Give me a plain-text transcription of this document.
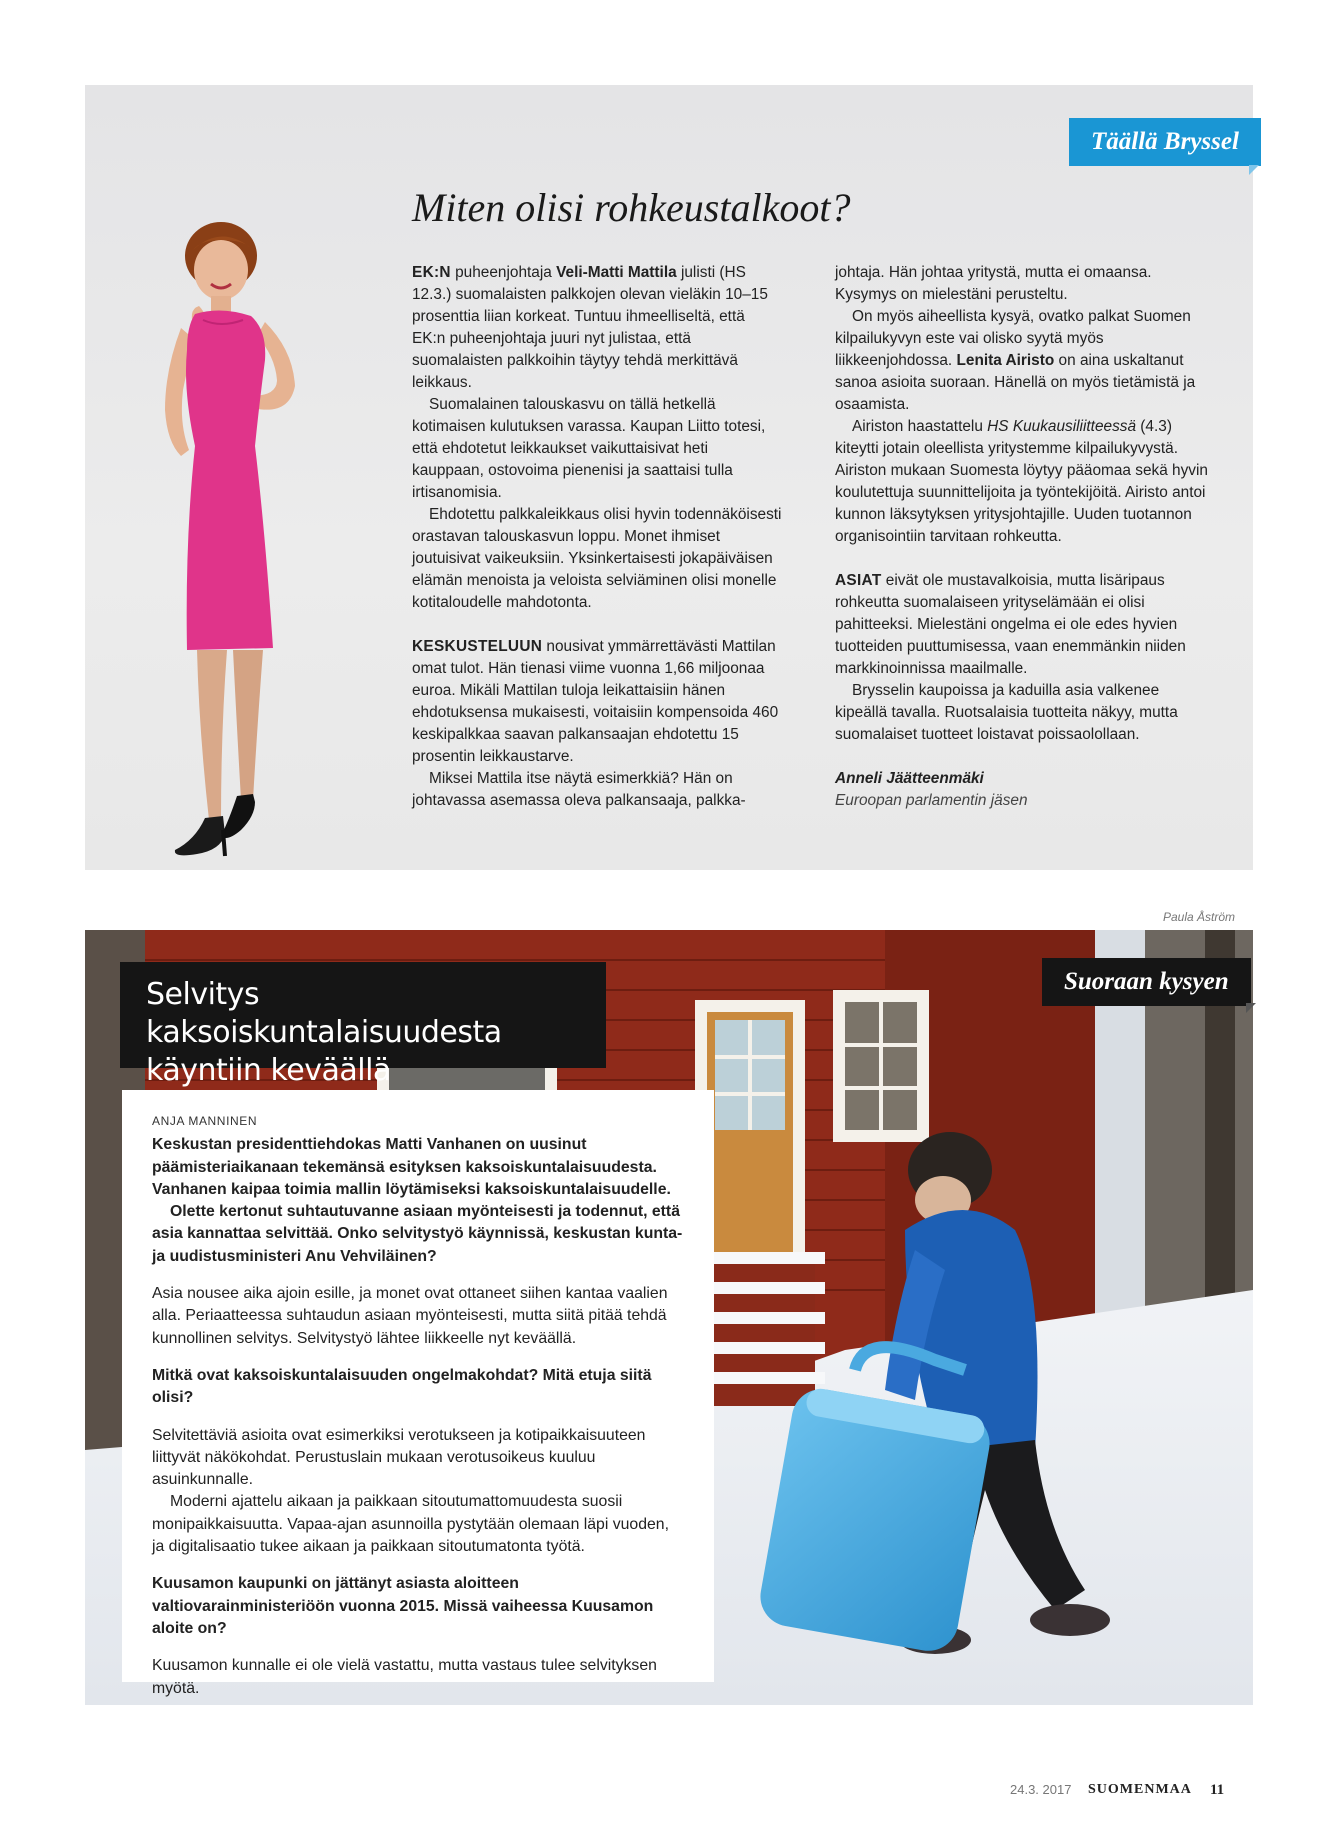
Täällä Bryssel
Miten olisi rohkeustalkoot?

EK:N puheenjohtaja Veli-Matti Mattila julisti (HS 12.3.) suomalaisten palkkojen olevan vieläkin 10–15 prosenttia liian korkeat. Tuntuu ihmeelliseltä, että EK:n puheenjohtaja juuri nyt julistaa, että suomalaisten palkkoihin täytyy tehdä merkittävä leikkaus.

Suomalainen talouskasvu on tällä hetkellä kotimaisen kulutuksen varassa. Kaupan Liitto totesi, että ehdotetut leikkaukset vaikuttaisivat heti kauppaan, ostovoima pienenisi ja saattaisi tulla irtisanomisia.

Ehdotettu palkkaleikkaus olisi hyvin todennäköisesti orastavan talouskasvun loppu. Monet ihmiset joutuisivat vaikeuksiin. Yksinkertaisesti jokapäiväisen elämän menoista ja veloista selviäminen olisi monelle kotitaloudelle mahdotonta.

KESKUSTELUUN nousivat ymmärrettävästi Mattilan omat tulot. Hän tienasi viime vuonna 1,66 miljoonaa euroa. Mikäli Mattilan tuloja leikattaisiin hänen ehdotuksensa mukaisesti, voitaisiin kompensoida 460 keskipalkkaa saavan palkansaajan ehdotettu 15 prosentin leikkaustarve.

Miksei Mattila itse näytä esimerkkiä? Hän on johtavassa asemassa oleva palkansaaja, palkka-

johtaja. Hän johtaa yritystä, mutta ei omaansa. Kysymys on mielestäni perusteltu.

On myös aiheellista kysyä, ovatko palkat Suomen kilpailukyvyn este vai olisko syytä myös liikkeenjohdossa. Lenita Airisto on aina uskaltanut sanoa asioita suoraan. Hänellä on myös tietämistä ja osaamista.

Airiston haastattelu HS Kuukausiliitteessä (4.3) kiteytti jotain oleellista yritystemme kilpailukyvystä. Airiston mukaan Suomesta löytyy pääomaa sekä hyvin koulutettuja suunnittelijoita ja työntekijöitä. Airisto antoi kunnon läksytyksen yritysjohtajille. Uuden tuotannon organisointiin tarvitaan rohkeutta.

ASIAT eivät ole mustavalkoisia, mutta lisäripaus rohkeutta suomalaiseen yrityselämään ei olisi pahitteeksi. Mielestäni ongelma ei ole edes hyvien tuotteiden puuttumisessa, vaan enemmänkin niiden markkinoinnissa maailmalle.

Brysselin kaupoissa ja kaduilla asia valkenee kipeällä tavalla. Ruotsalaisia tuotteita näkyy, mutta suomalaiset tuotteet loistavat poissaolollaan.

Anneli Jäätteenmäki

Euroopan parlamentin jäsen

Paula Åström
Suoraan kysyen
Selvitys kaksoiskuntalaisuudesta
käyntiin keväällä

ANJA MANNINEN

Keskustan presidenttiehdokas Matti Vanhanen on uusinut päämisteriaikanaan tekemänsä esityksen kaksoiskuntalaisuudesta. Vanhanen kaipaa toimia mallin löytämiseksi kaksoiskuntalaisuudelle.

Olette kertonut suhtautuvanne asiaan myönteisesti ja todennut, että asia kannattaa selvittää. Onko selvitystyö käynnissä, keskustan kunta- ja uudistusministeri Anu Vehviläinen?

Asia nousee aika ajoin esille, ja monet ovat ottaneet siihen kantaa vaalien alla. Periaatteessa suhtaudun asiaan myönteisesti, mutta siitä pitää tehdä kunnollinen selvitys. Selvitystyö lähtee liikkeelle nyt keväällä.

Mitkä ovat kaksoiskuntalaisuuden ongelmakohdat? Mitä etuja siitä olisi?

Selvitettäviä asioita ovat esimerkiksi verotukseen ja kotipaikkaisuuteen liittyvät näkökohdat. Perustuslain mukaan verotusoikeus kuuluu asuinkunnalle.

Moderni ajattelu aikaan ja paikkaan sitoutumattomuudesta suosii monipaikkaisuutta. Vapaa-ajan asunnoilla pystytään olemaan läpi vuoden, ja digitalisaatio tukee aikaan ja paikkaan sitoutumatonta työtä.

Kuusamon kaupunki on jättänyt asiasta aloitteen valtiovarainministeriöön vuonna 2015. Missä vaiheessa Kuusamon aloite on?

Kuusamon kunnalle ei ole vielä vastattu, mutta vastaus tulee selvityksen myötä.

24.3. 2017 SUOMENMAA 11
